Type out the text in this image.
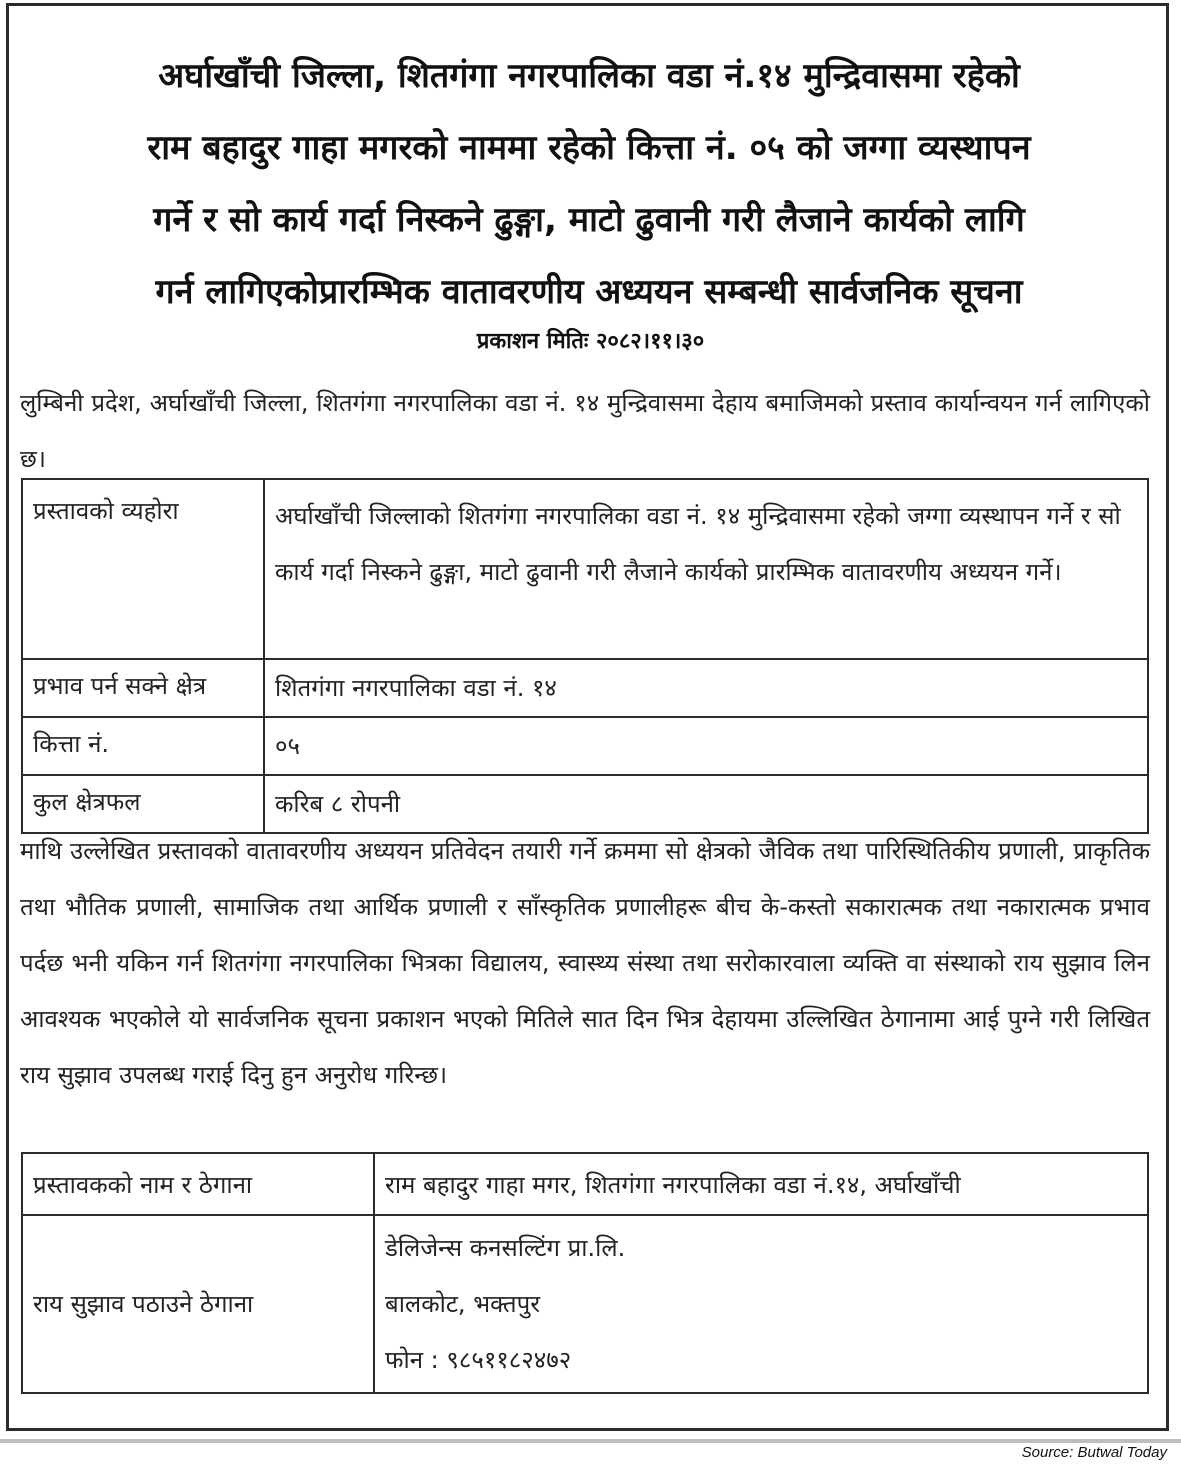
अर्घाखाँची जिल्ला, शितगंगा नगरपालिका वडा नं.१४ मुन्द्रिवासमा रहेको
राम बहादुर गाहा मगरको नाममा रहेको कित्ता नं. ०५ को जग्गा व्यस्थापन
गर्ने र सो कार्य गर्दा निस्कने ढुङ्गा, माटो ढुवानी गरी लैजाने कार्यको लागि
गर्न लागिएकोप्रारम्भिक वातावरणीय अध्ययन सम्बन्धी सार्वजनिक सूचना
प्रकाशन मितिः २०८२।११।३०
लुम्बिनी प्रदेश, अर्घाखाँची जिल्ला, शितगंगा नगरपालिका वडा नं. १४ मुन्द्रिवासमा देहाय बमाजिमको प्रस्ताव कार्यान्वयन गर्न लागिएको छ।
प्रस्तावको व्यहोरा	अर्घाखाँची जिल्लाको शितगंगा नगरपालिका वडा नं. १४ मुन्द्रिवासमा रहेको जग्गा व्यस्थापन गर्ने र सो कार्य गर्दा निस्कने ढुङ्गा, माटो ढुवानी गरी लैजाने कार्यको प्रारम्भिक वातावरणीय अध्ययन गर्ने।
प्रभाव पर्न सक्ने क्षेत्र	शितगंगा नगरपालिका वडा नं. १४
कित्ता नं.	०५
कुल क्षेत्रफल	करिब ८ रोपनी
माथि उल्लेखित प्रस्तावको वातावरणीय अध्ययन प्रतिवेदन तयारी गर्ने क्रममा सो क्षेत्रको जैविक तथा पारिस्थितिकीय प्रणाली, प्राकृतिक तथा भौतिक प्रणाली, सामाजिक तथा आर्थिक प्रणाली र साँस्कृतिक प्रणालीहरू बीच के-कस्तो सकारात्मक तथा नकारात्मक प्रभाव पर्दछ भनी यकिन गर्न शितगंगा नगरपालिका भित्रका विद्यालय, स्वास्थ्य संस्था तथा सरोकारवाला व्यक्ति वा संस्थाको राय सुझाव लिन आवश्यक भएकोले यो सार्वजनिक सूचना प्रकाशन भएको मितिले सात दिन भित्र देहायमा उल्लिखित ठेगानामा आई पुग्ने गरी लिखित राय सुझाव उपलब्ध गराई दिनु हुन अनुरोध गरिन्छ।
प्रस्तावकको नाम र ठेगाना	राम बहादुर गाहा मगर, शितगंगा नगरपालिका वडा नं.१४, अर्घाखाँची
राय सुझाव पठाउने ठेगाना	डेलिजेन्स कनसल्टिंग प्रा.लि.
बालकोट, भक्तपुर
फोन : ९८५११८२४७२
Source: Butwal Today
